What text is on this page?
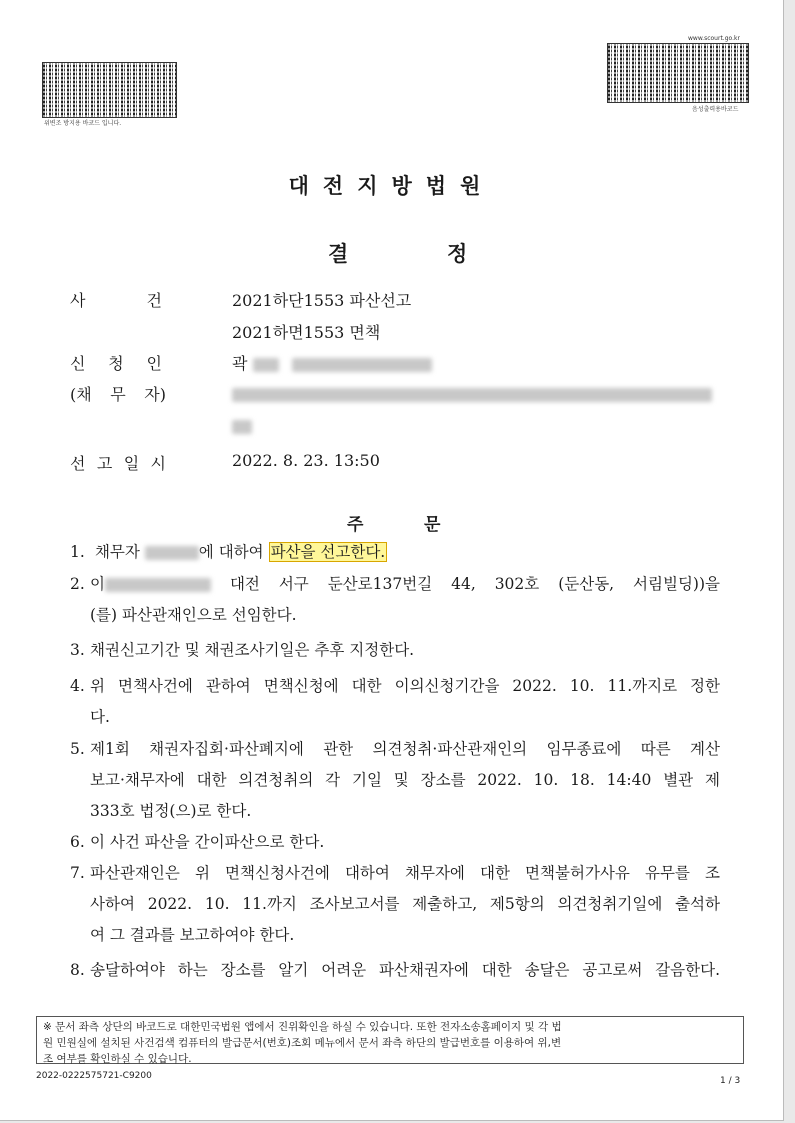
위변조 방지용 바코드 입니다.
www.scourt.go.kr
음성출력용바코드
대전지방법원
결	정
사	건	2021하단1553 파산선고
2021하면1553 면책
신 청 인	곽
(채 무 자)
선 고 일 시	2022. 8. 23. 13:50
주	문
1. 채무자	에 대하여 파산을 선고한다.
2. 이	대전 서구 둔산로137번길 44, 302호 (둔산동, 서림빌딩))을
(를) 파산관재인으로 선임한다.
3. 채권신고기간 및 채권조사기일은 추후 지정한다.
4. 위 면책사건에 관하여 면책신청에 대한 이의신청기간을 2022. 10. 11.까지로 정한
다.
5. 제1회 채권자집회·파산폐지에 관한 의견청취·파산관재인의 임무종료에 따른 계산
보고·채무자에 대한 의견청취의 각 기일 및 장소를 2022. 10. 18. 14:40 별관 제
333호 법정(으)로 한다.
6. 이 사건 파산을 간이파산으로 한다.
7. 파산관재인은 위 면책신청사건에 대하여 채무자에 대한 면책불허가사유 유무를 조
사하여 2022. 10. 11.까지 조사보고서를 제출하고, 제5항의 의견청취기일에 출석하
여 그 결과를 보고하여야 한다.
8. 송달하여야 하는 장소를 알기 어려운 파산채권자에 대한 송달은 공고로써 갈음한다.
※ 문서 좌측 상단의 바코드로 대한민국법원 앱에서 진위확인을 하실 수 있습니다. 또한 전자소송홈페이지 및 각 법
원 민원실에 설치된 사건검색 컴퓨터의 발급문서(번호)조회 메뉴에서 문서 좌측 하단의 발급번호를 이용하여 위,변
조 여부를 확인하실 수 있습니다.
2022-0222575721-C9200	1 / 3
